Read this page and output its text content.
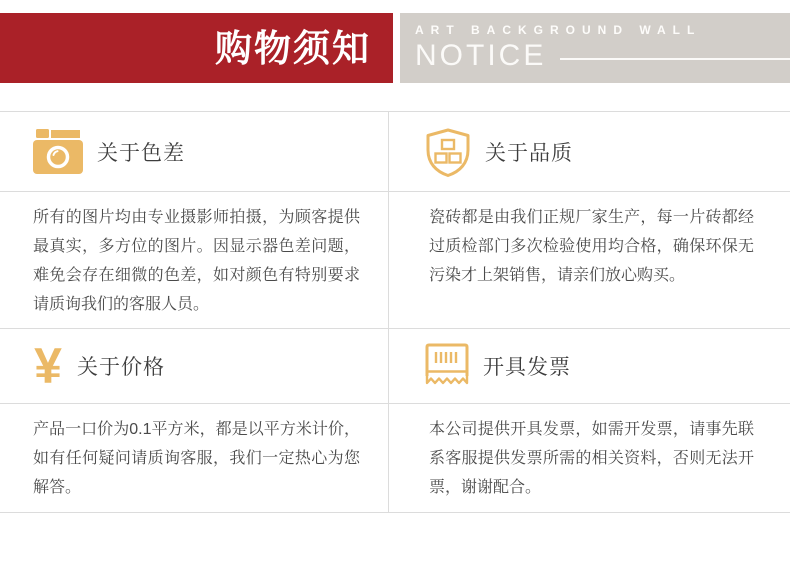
购物须知	ART BACKGROUND WALL
NOTICE
关于色差	关于品质

所有的图片均由专业摄影师拍摄，为顾客提供最真实，多方位的图片。因显示器色差问题，难免会存在细微的色差，如对颜色有特别要求请质询我们的客服人员。

瓷砖都是由我们正规厂家生产，每一片砖都经过质检部门多次检验使用均合格，确保环保无污染才上架销售，请亲们放心购买。

¥ 关于价格	开具发票

产品一口价为0.1平方米，都是以平方米计价，如有任何疑问请质询客服，我们一定热心为您解答。

本公司提供开具发票，如需开发票，请事先联系客服提供发票所需的相关资料，否则无法开票，谢谢配合。
